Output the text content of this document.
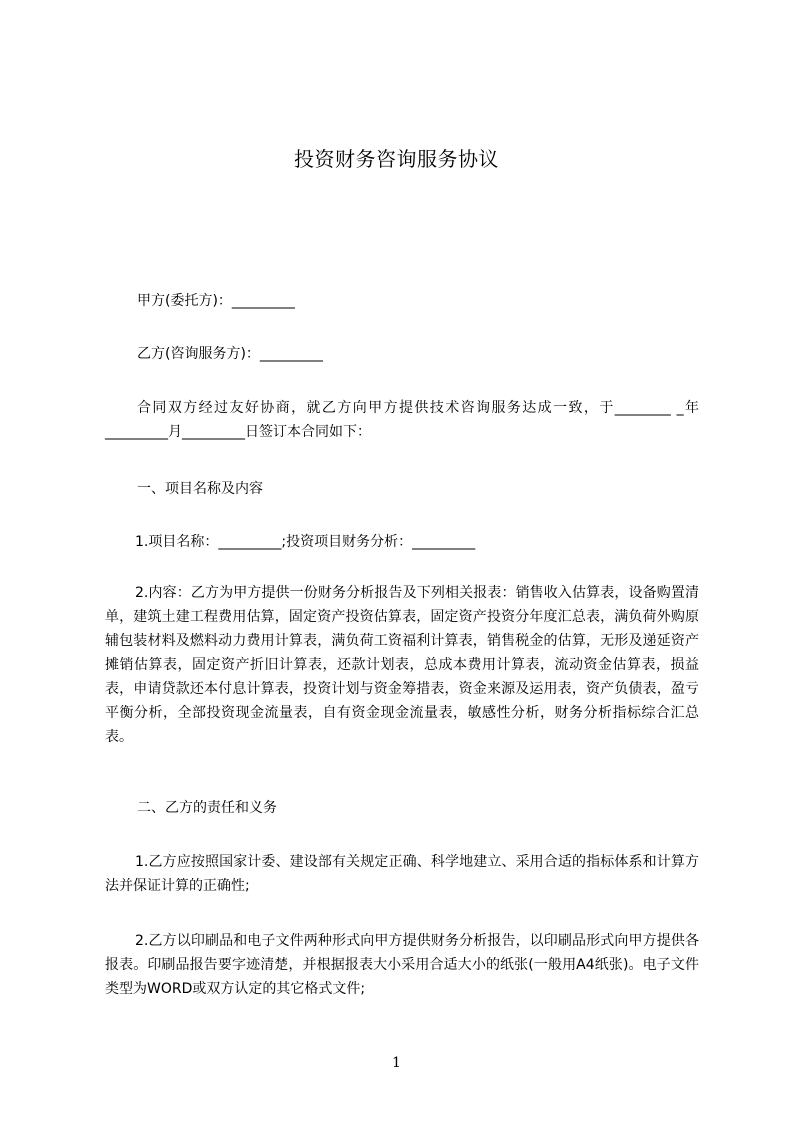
投资财务咨询服务协议
甲方(委托方)：_________
乙方(咨询服务方)：_________
合同双方经过友好协商，就乙方向甲方提供技术咨询服务达成一致，于________ _年_________月_________日签订本合同如下：
一、项目名称及内容
1.项目名称：_________;投资项目财务分析：_________
2.内容：乙方为甲方提供一份财务分析报告及下列相关报表：销售收入估算表，设备购置清单，建筑土建工程费用估算，固定资产投资估算表，固定资产投资分年度汇总表，满负荷外购原辅包装材料及燃料动力费用计算表，满负荷工资福利计算表，销售税金的估算，无形及递延资产摊销估算表，固定资产折旧计算表，还款计划表，总成本费用计算表，流动资金估算表，损益表，申请贷款还本付息计算表，投资计划与资金筹措表，资金来源及运用表，资产负债表，盈亏平衡分析，全部投资现金流量表，自有资金现金流量表，敏感性分析，财务分析指标综合汇总表。
二、乙方的责任和义务
1.乙方应按照国家计委、建设部有关规定正确、科学地建立、采用合适的指标体系和计算方法并保证计算的正确性;
2.乙方以印刷品和电子文件两种形式向甲方提供财务分析报告，以印刷品形式向甲方提供各报表。印刷品报告要字迹清楚，并根据报表大小采用合适大小的纸张(一般用A4纸张)。电子文件类型为WORD或双方认定的其它格式文件;
1
